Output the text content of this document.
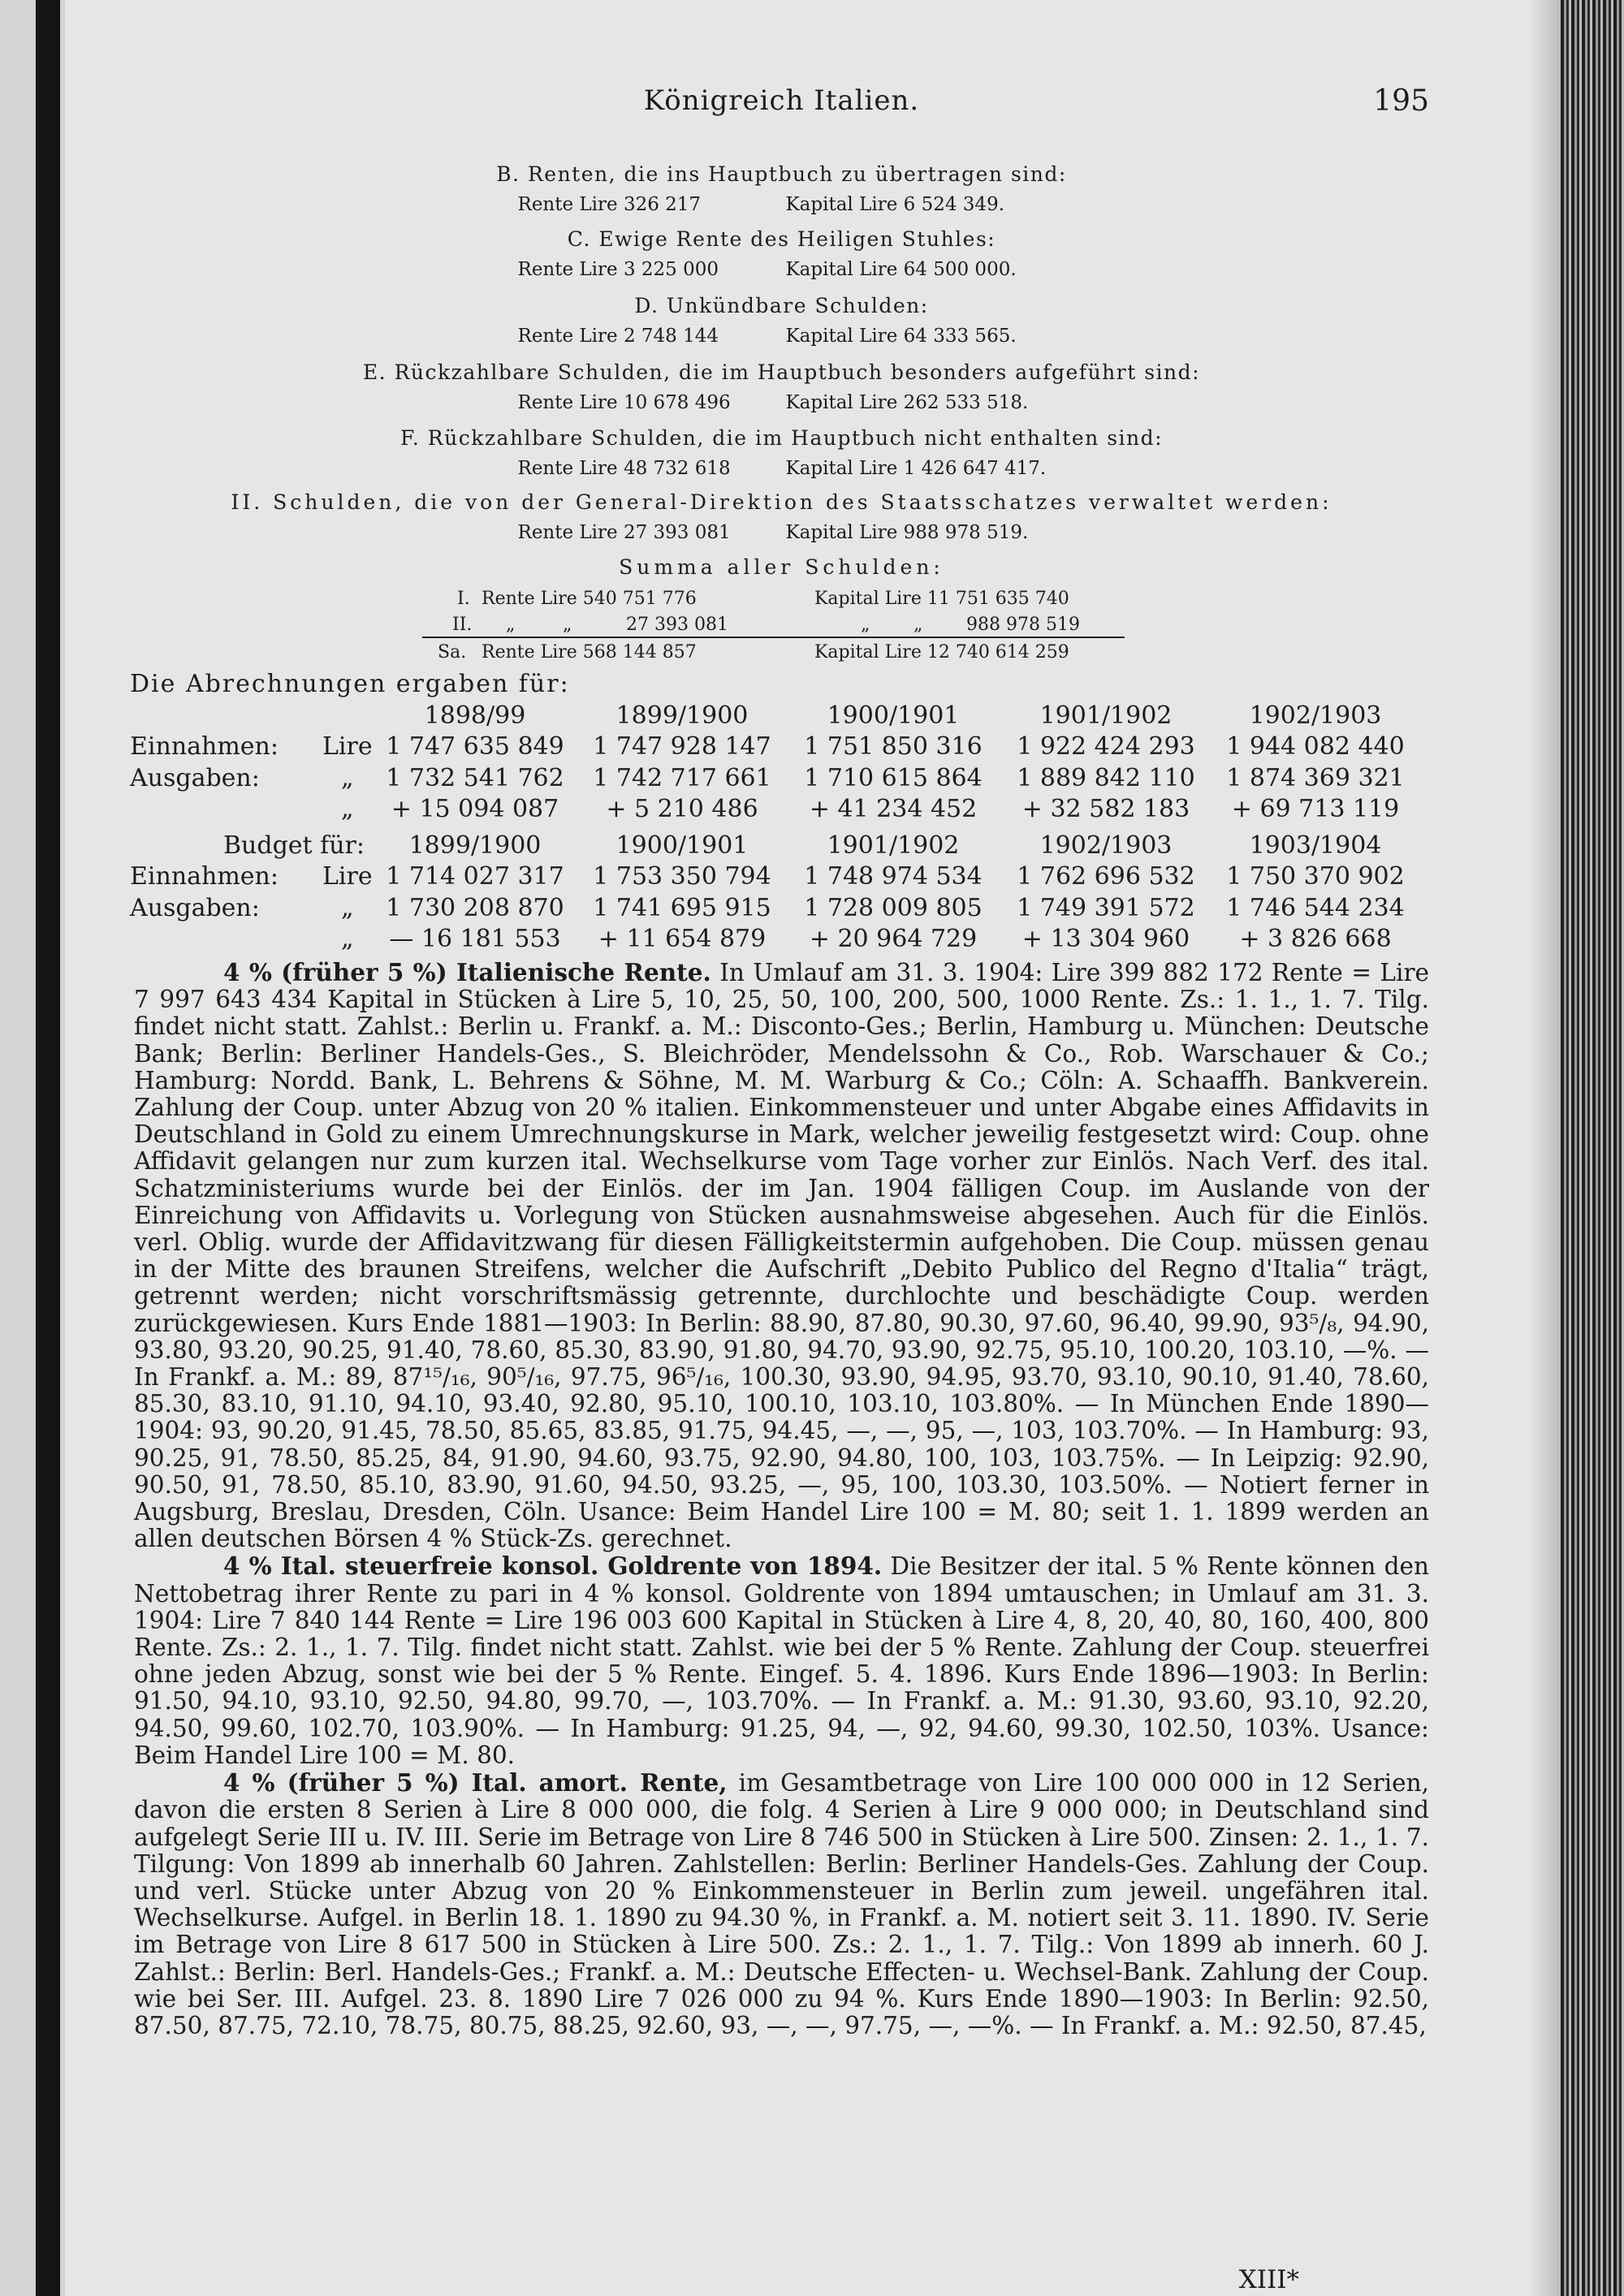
Königreich Italien.	195
B. Renten, die ins Hauptbuch zu übertragen sind:
Rente Lire 326 217	Kapital Lire 6 524 349.
C. Ewige Rente des Heiligen Stuhles:
Rente Lire 3 225 000	Kapital Lire 64 500 000.
D. Unkündbare Schulden:
Rente Lire 2 748 144	Kapital Lire 64 333 565.
E. Rückzahlbare Schulden, die im Hauptbuch besonders aufgeführt sind:
Rente Lire 10 678 496	Kapital Lire 262 533 518.
F. Rückzahlbare Schulden, die im Hauptbuch nicht enthalten sind:
Rente Lire 48 732 618	Kapital Lire 1 426 647 417.
II. Schulden, die von der General-Direktion des Staatsschatzes verwaltet werden:
Rente Lire 27 393 081	Kapital Lire 988 978 519.
Summa aller Schulden:
I. Rente Lire 540 751 776	Kapital Lire 11 751 635 740
II. „	„	27 393 081	„ „ 988 978 519
Sa. Rente Lire 568 144 857	Kapital Lire 12 740 614 259
Die Abrechnungen ergaben für:
1898/99	1899/1900	1900/1901	1901/1902	1902/1903
Einnahmen: Lire 1 747 635 849	1 747 928 147	1 751 850 316	1 922 424 293	1 944 082 440
Ausgaben:	„	1 732 541 762	1 742 717 661	1 710 615 864	1 889 842 110	1 874 369 321
„	+ 15 094 087	+ 5 210 486	+ 41 234 452	+ 32 582 183	+ 69 713 119
Budget für:	1899/1900	1900/1901	1901/1902	1902/1903	1903/1904
Einnahmen: Lire 1 714 027 317	1 753 350 794	1 748 974 534	1 762 696 532	1 750 370 902
Ausgaben:	„	1 730 208 870	1 741 695 915	1 728 009 805	1 749 391 572	1 746 544 234
„	— 16 181 553	+ 11 654 879	+ 20 964 729	+ 13 304 960	+ 3 826 668

4 % (früher 5 %) Italienische Rente. In Umlauf am 31. 3. 1904: Lire 399 882 172 Rente = Lire 7 997 643 434 Kapital in Stücken à Lire 5, 10, 25, 50, 100, 200, 500, 1000 Rente. Zs.: 1. 1., 1. 7. Tilg. findet nicht statt. Zahlst.: Berlin u. Frankf. a. M.: Disconto-Ges.; Berlin, Hamburg u. München: Deutsche Bank; Berlin: Berliner Handels-Ges., S. Bleichröder, Mendelssohn & Co., Rob. Warschauer & Co.; Hamburg: Nordd. Bank, L. Behrens & Söhne, M. M. Warburg & Co.; Cöln: A. Schaaffh. Bankverein. Zahlung der Coup. unter Abzug von 20 % italien. Einkommensteuer und unter Abgabe eines Affidavits in Deutschland in Gold zu einem Umrechnungskurse in Mark, welcher jeweilig festgesetzt wird: Coup. ohne Affidavit gelangen nur zum kurzen ital. Wechselkurse vom Tage vorher zur Einlös. Nach Verf. des ital. Schatzministeriums wurde bei der Einlös. der im Jan. 1904 fälligen Coup. im Auslande von der Einreichung von Affidavits u. Vorlegung von Stücken ausnahmsweise abgesehen. Auch für die Einlös. verl. Oblig. wurde der Affidavitzwang für diesen Fälligkeitstermin aufgehoben. Die Coup. müssen genau in der Mitte des braunen Streifens, welcher die Aufschrift „Debito Publico del Regno d'Italia“ trägt, getrennt werden; nicht vorschriftsmässig getrennte, durchlochte und beschädigte Coup. werden zurückgewiesen. Kurs Ende 1881—1903: In Berlin: 88.90, 87.80, 90.30, 97.60, 96.40, 99.90, 93⁵/₈, 94.90, 93.80, 93.20, 90.25, 91.40, 78.60, 85.30, 83.90, 91.80, 94.70, 93.90, 92.75, 95.10, 100.20, 103.10, —%. — In Frankf. a. M.: 89, 87¹⁵/₁₆, 90⁵/₁₆, 97.75, 96⁵/₁₆, 100.30, 93.90, 94.95, 93.70, 93.10, 90.10, 91.40, 78.60, 85.30, 83.10, 91.10, 94.10, 93.40, 92.80, 95.10, 100.10, 103.10, 103.80%. — In München Ende 1890—1904: 93, 90.20, 91.45, 78.50, 85.65, 83.85, 91.75, 94.45, —, —, 95, —, 103, 103.70%. — In Hamburg: 93, 90.25, 91, 78.50, 85.25, 84, 91.90, 94.60, 93.75, 92.90, 94.80, 100, 103, 103.75%. — In Leipzig: 92.90, 90.50, 91, 78.50, 85.10, 83.90, 91.60, 94.50, 93.25, —, 95, 100, 103.30, 103.50%. — Notiert ferner in Augsburg, Breslau, Dresden, Cöln. Usance: Beim Handel Lire 100 = M. 80; seit 1. 1. 1899 werden an allen deutschen Börsen 4 % Stück-Zs. gerechnet.

4 % Ital. steuerfreie konsol. Goldrente von 1894. Die Besitzer der ital. 5 % Rente können den Nettobetrag ihrer Rente zu pari in 4 % konsol. Goldrente von 1894 umtauschen; in Umlauf am 31. 3. 1904: Lire 7 840 144 Rente = Lire 196 003 600 Kapital in Stücken à Lire 4, 8, 20, 40, 80, 160, 400, 800 Rente. Zs.: 2. 1., 1. 7. Tilg. findet nicht statt. Zahlst. wie bei der 5 % Rente. Zahlung der Coup. steuerfrei ohne jeden Abzug, sonst wie bei der 5 % Rente. Eingef. 5. 4. 1896. Kurs Ende 1896—1903: In Berlin: 91.50, 94.10, 93.10, 92.50, 94.80, 99.70, —, 103.70%. — In Frankf. a. M.: 91.30, 93.60, 93.10, 92.20, 94.50, 99.60, 102.70, 103.90%. — In Hamburg: 91.25, 94, —, 92, 94.60, 99.30, 102.50, 103%. Usance: Beim Handel Lire 100 = M. 80.

4 % (früher 5 %) Ital. amort. Rente, im Gesamtbetrage von Lire 100 000 000 in 12 Serien, davon die ersten 8 Serien à Lire 8 000 000, die folg. 4 Serien à Lire 9 000 000; in Deutschland sind aufgelegt Serie III u. IV. III. Serie im Betrage von Lire 8 746 500 in Stücken à Lire 500. Zinsen: 2. 1., 1. 7. Tilgung: Von 1899 ab innerhalb 60 Jahren. Zahlstellen: Berlin: Berliner Handels-Ges. Zahlung der Coup. und verl. Stücke unter Abzug von 20 % Einkommensteuer in Berlin zum jeweil. ungefähren ital. Wechselkurse. Aufgel. in Berlin 18. 1. 1890 zu 94.30 %, in Frankf. a. M. notiert seit 3. 11. 1890. IV. Serie im Betrage von Lire 8 617 500 in Stücken à Lire 500. Zs.: 2. 1., 1. 7. Tilg.: Von 1899 ab innerh. 60 J. Zahlst.: Berlin: Berl. Handels-Ges.; Frankf. a. M.: Deutsche Effecten- u. Wechsel-Bank. Zahlung der Coup. wie bei Ser. III. Aufgel. 23. 8. 1890 Lire 7 026 000 zu 94 %. Kurs Ende 1890—1903: In Berlin: 92.50, 87.50, 87.75, 72.10, 78.75, 80.75, 88.25, 92.60, 93, —, —, 97.75, —, —%. — In Frankf. a. M.: 92.50, 87.45,

XIII*
